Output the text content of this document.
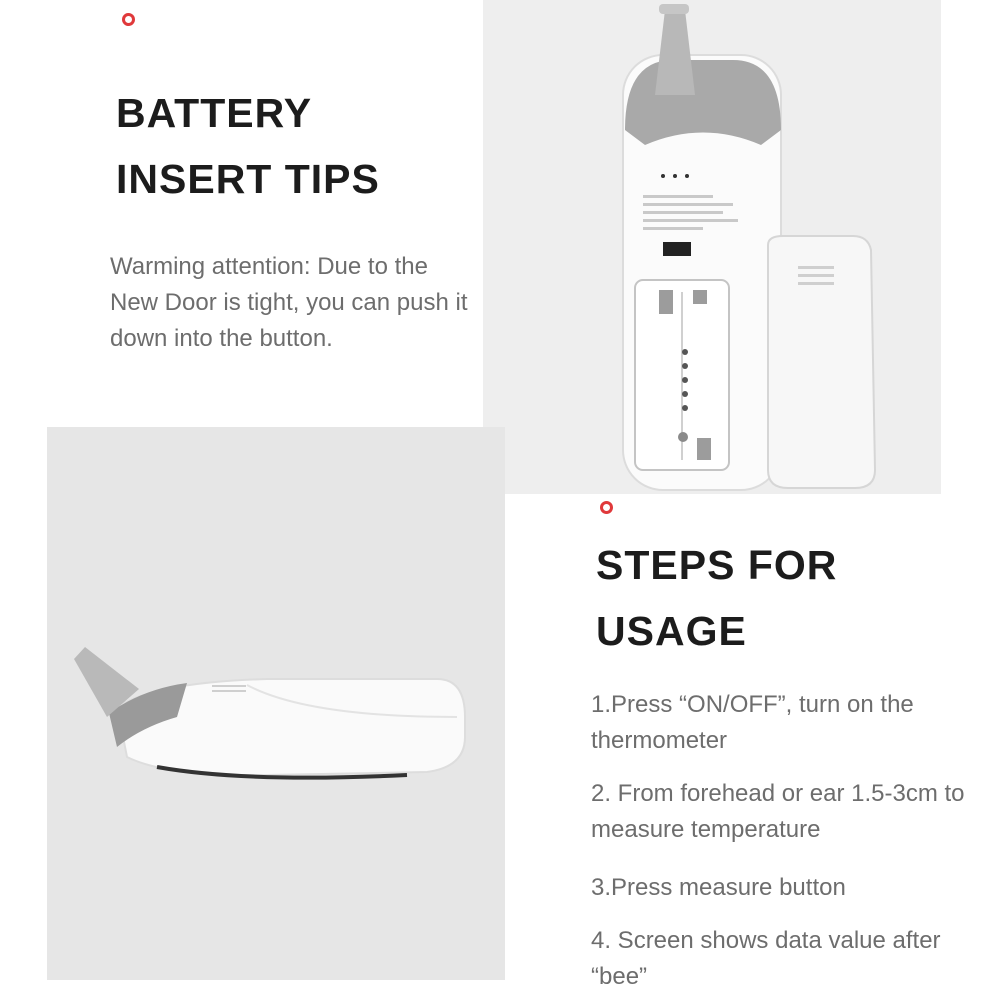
BATTERY INSERT TIPS

Warming attention: Due to the New Door is tight, you can push it down into the button.

STEPS FOR USAGE

1.Press “ON/OFF”, turn on the thermometer

2. From forehead or ear 1.5-3cm to measure temperature

3.Press measure button

4. Screen shows data value after “bee”
